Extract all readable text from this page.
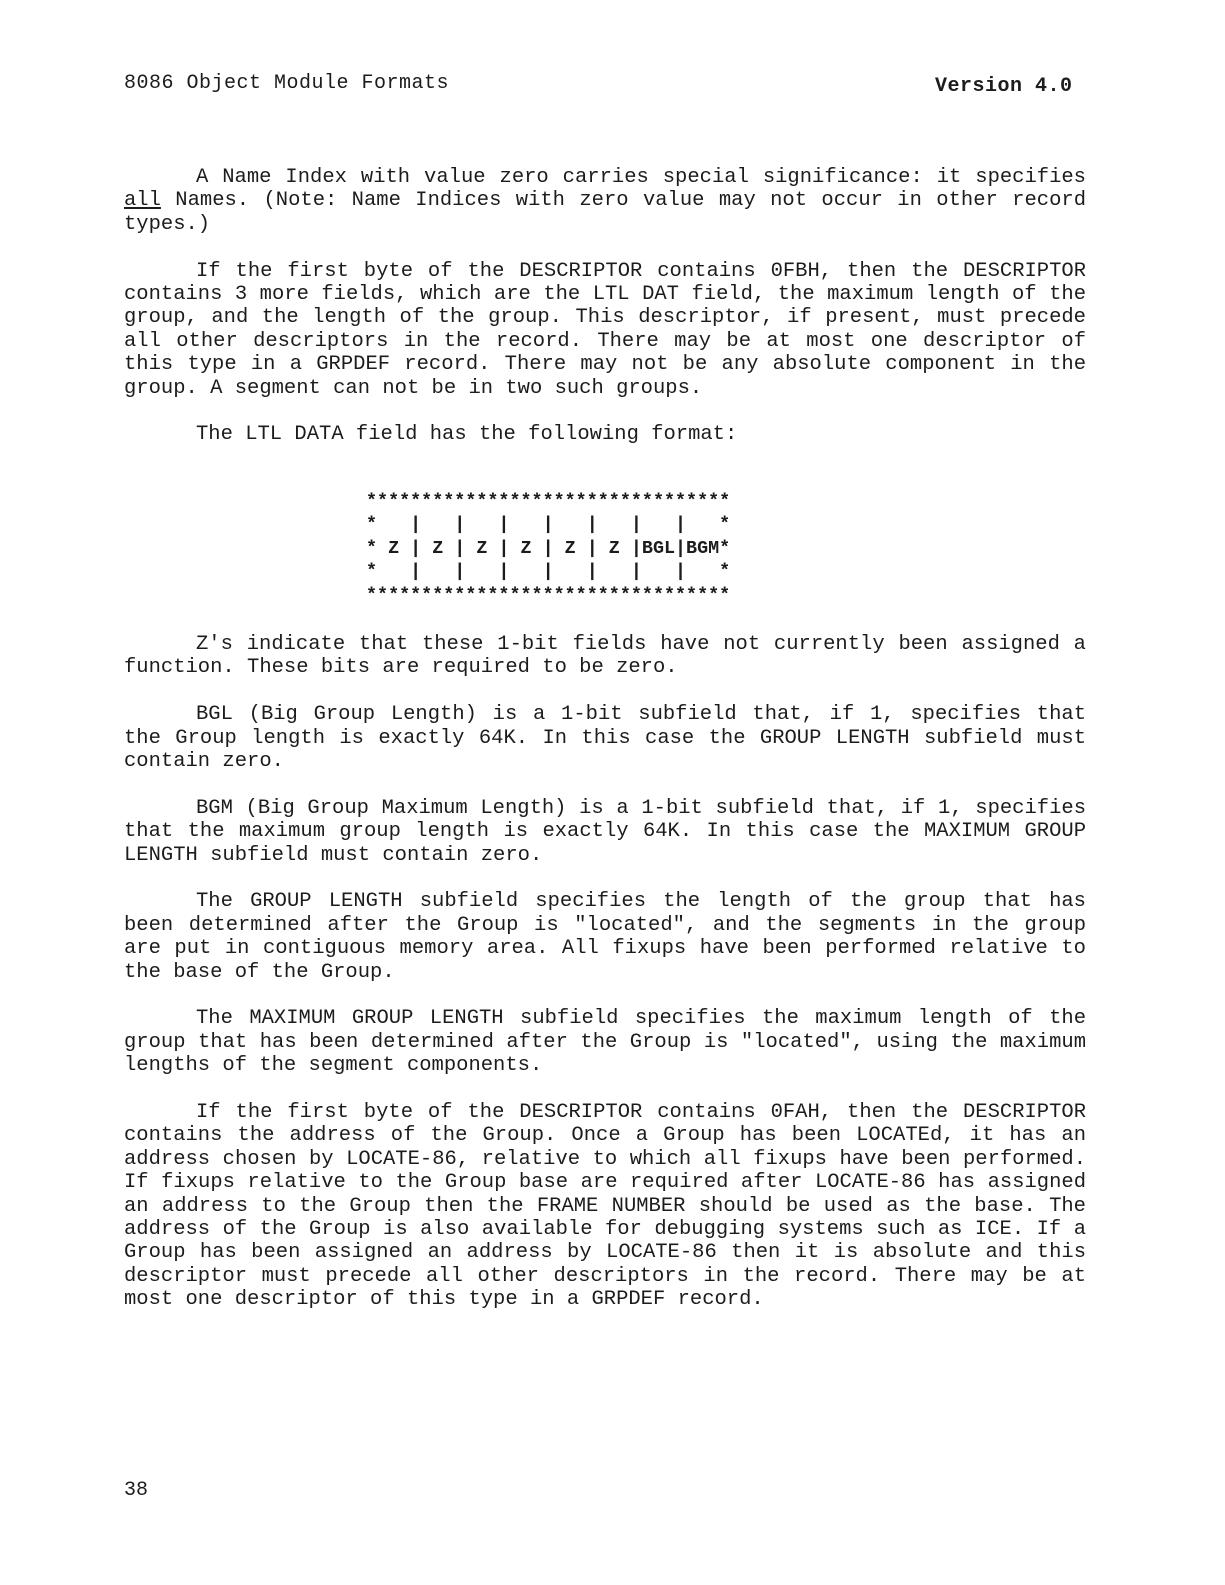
8086 Object Module Formats	Version 4.0

A Name Index with value zero carries special significance: it specifies all Names. (Note: Name Indices with zero value may not occur in other record types.)

If the first byte of the DESCRIPTOR contains 0FBH, then the DESCRIPTOR contains 3 more fields, which are the LTL DAT field, the maximum length of the group, and the length of the group. This descriptor, if present, must precede all other descriptors in the record. There may be at most one descriptor of this type in a GRPDEF record. There may not be any absolute component in the group. A segment can not be in two such groups.

The LTL DATA field has the following format:

*********************************
*   |   |   |   |   |   |   |   *
* Z | Z | Z | Z | Z | Z |BGL|BGM*
*   |   |   |   |   |   |   |   *
*********************************

Z's indicate that these 1-bit fields have not currently been assigned a function. These bits are required to be zero.

BGL (Big Group Length) is a 1-bit subfield that, if 1, specifies that the Group length is exactly 64K. In this case the GROUP LENGTH subfield must contain zero.

BGM (Big Group Maximum Length) is a 1-bit subfield that, if 1, specifies that the maximum group length is exactly 64K. In this case the MAXIMUM GROUP LENGTH subfield must contain zero.

The GROUP LENGTH subfield specifies the length of the group that has been determined after the Group is "located", and the segments in the group are put in contiguous memory area. All fixups have been performed relative to the base of the Group.

The MAXIMUM GROUP LENGTH subfield specifies the maximum length of the group that has been determined after the Group is "located", using the maximum lengths of the segment components.

If the first byte of the DESCRIPTOR contains 0FAH, then the DESCRIPTOR contains the address of the Group. Once a Group has been LOCATEd, it has an address chosen by LOCATE-86, relative to which all fixups have been performed. If fixups relative to the Group base are required after LOCATE-86 has assigned an address to the Group then the FRAME NUMBER should be used as the base. The address of the Group is also available for debugging systems such as ICE. If a Group has been assigned an address by LOCATE-86 then it is absolute and this descriptor must precede all other descriptors in the record. There may be at most one descriptor of this type in a GRPDEF record.

38
